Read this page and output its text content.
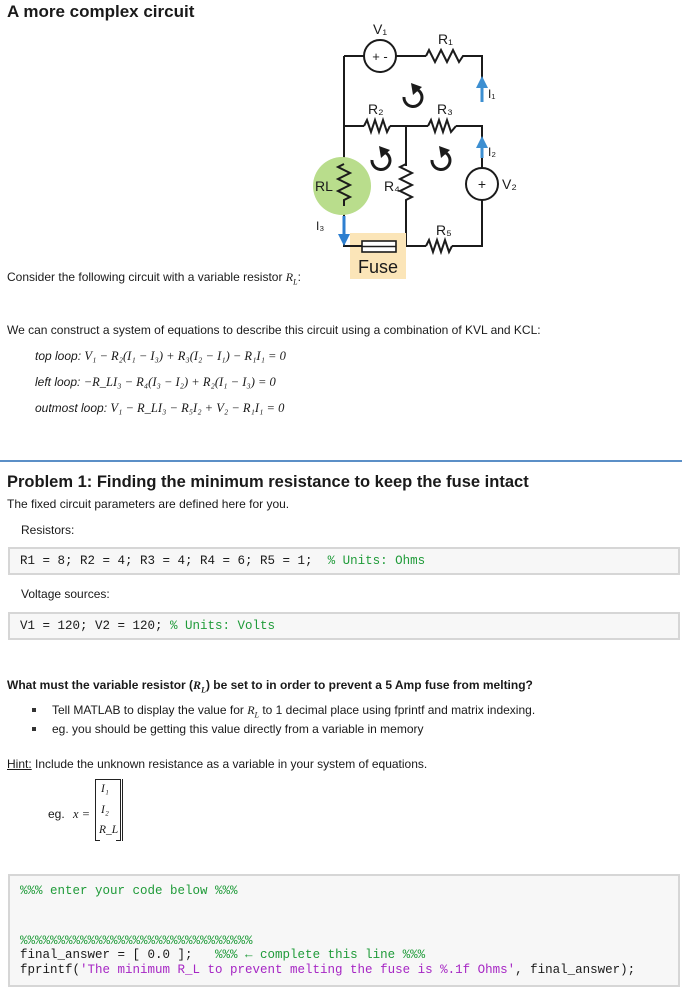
A more complex circuit
+ -
+
Fuse
V₁
R₁
R₂	R₃
R₄
R₅
RL	V₂
I₁
I₂
I₃
Consider the following circuit with a variable resistor $R_L$:
We can construct a system of equations to describe this circuit using a combination of KVL and KCL:
top loop: V₁ − R₂(I₁ − I₃) + R₃(I₂ − I₁) − R₁I₁ = 0
left loop: −R_LI₃ − R₄(I₃ − I₂) + R₂(I₁ − I₃) = 0
outmost loop: V₁ − R_LI₃ − R₅I₂ + V₂ − R₁I₁ = 0
Problem 1: Finding the minimum resistance to keep the fuse intact
The fixed circuit parameters are defined here for you.
Resistors:
R1 = 8; R2 = 4; R3 = 4; R4 = 6; R5 = 1;  % Units: Ohms
Voltage sources:
V1 = 120; V2 = 120; % Units: Volts
What must the variable resistor $(R_L)$ be set to in order to prevent a 5 Amp fuse from melting?
Tell MATLAB to display the value for $R_L$ to 1 decimal place using fprintf and matrix indexing.
eg. you should be getting this value directly from a variable in memory
Hint: Include the unknown resistance as a variable in your system of equations.
eg. x =
I₁
I₂
R_L
%%% enter your code below %%%
%%%%%%%%%%%%%%%%%%%%%%%%%%%%%%%
final_answer = [ 0.0 ];   %%% ← complete this line %%%
fprintf('The minimum R_L to prevent melting the fuse is %.1f Ohms', final_answer);
